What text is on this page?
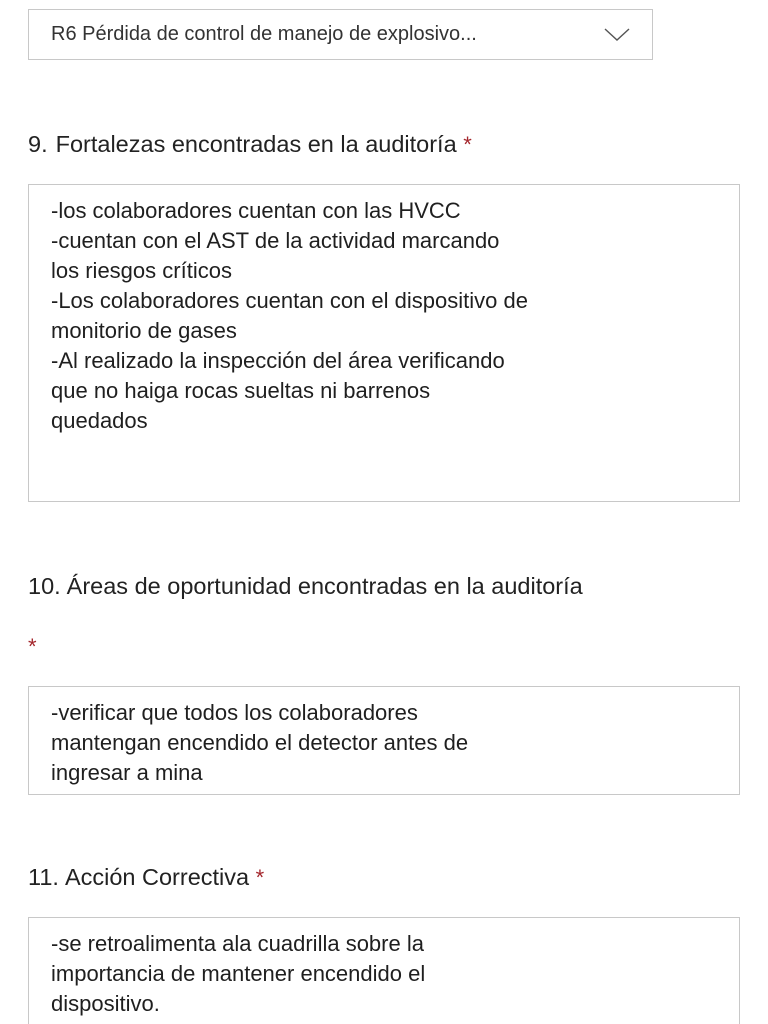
R6 Pérdida de control de manejo de explosivo...
9. Fortalezas encontradas en la auditoría *
-los colaboradores cuentan con las HVCC
-cuentan con el AST de la actividad marcando
los riesgos críticos
-Los colaboradores cuentan con el dispositivo de
monitorio de gases
-Al realizado la inspección del área verificando
que no haiga rocas sueltas ni barrenos
quedados
10. Áreas de oportunidad encontradas en la auditoría
*
-verificar que todos los colaboradores
mantengan encendido el detector antes de
ingresar a mina
11. Acción Correctiva *
-se retroalimenta ala cuadrilla sobre la
importancia de mantener encendido el
dispositivo.
